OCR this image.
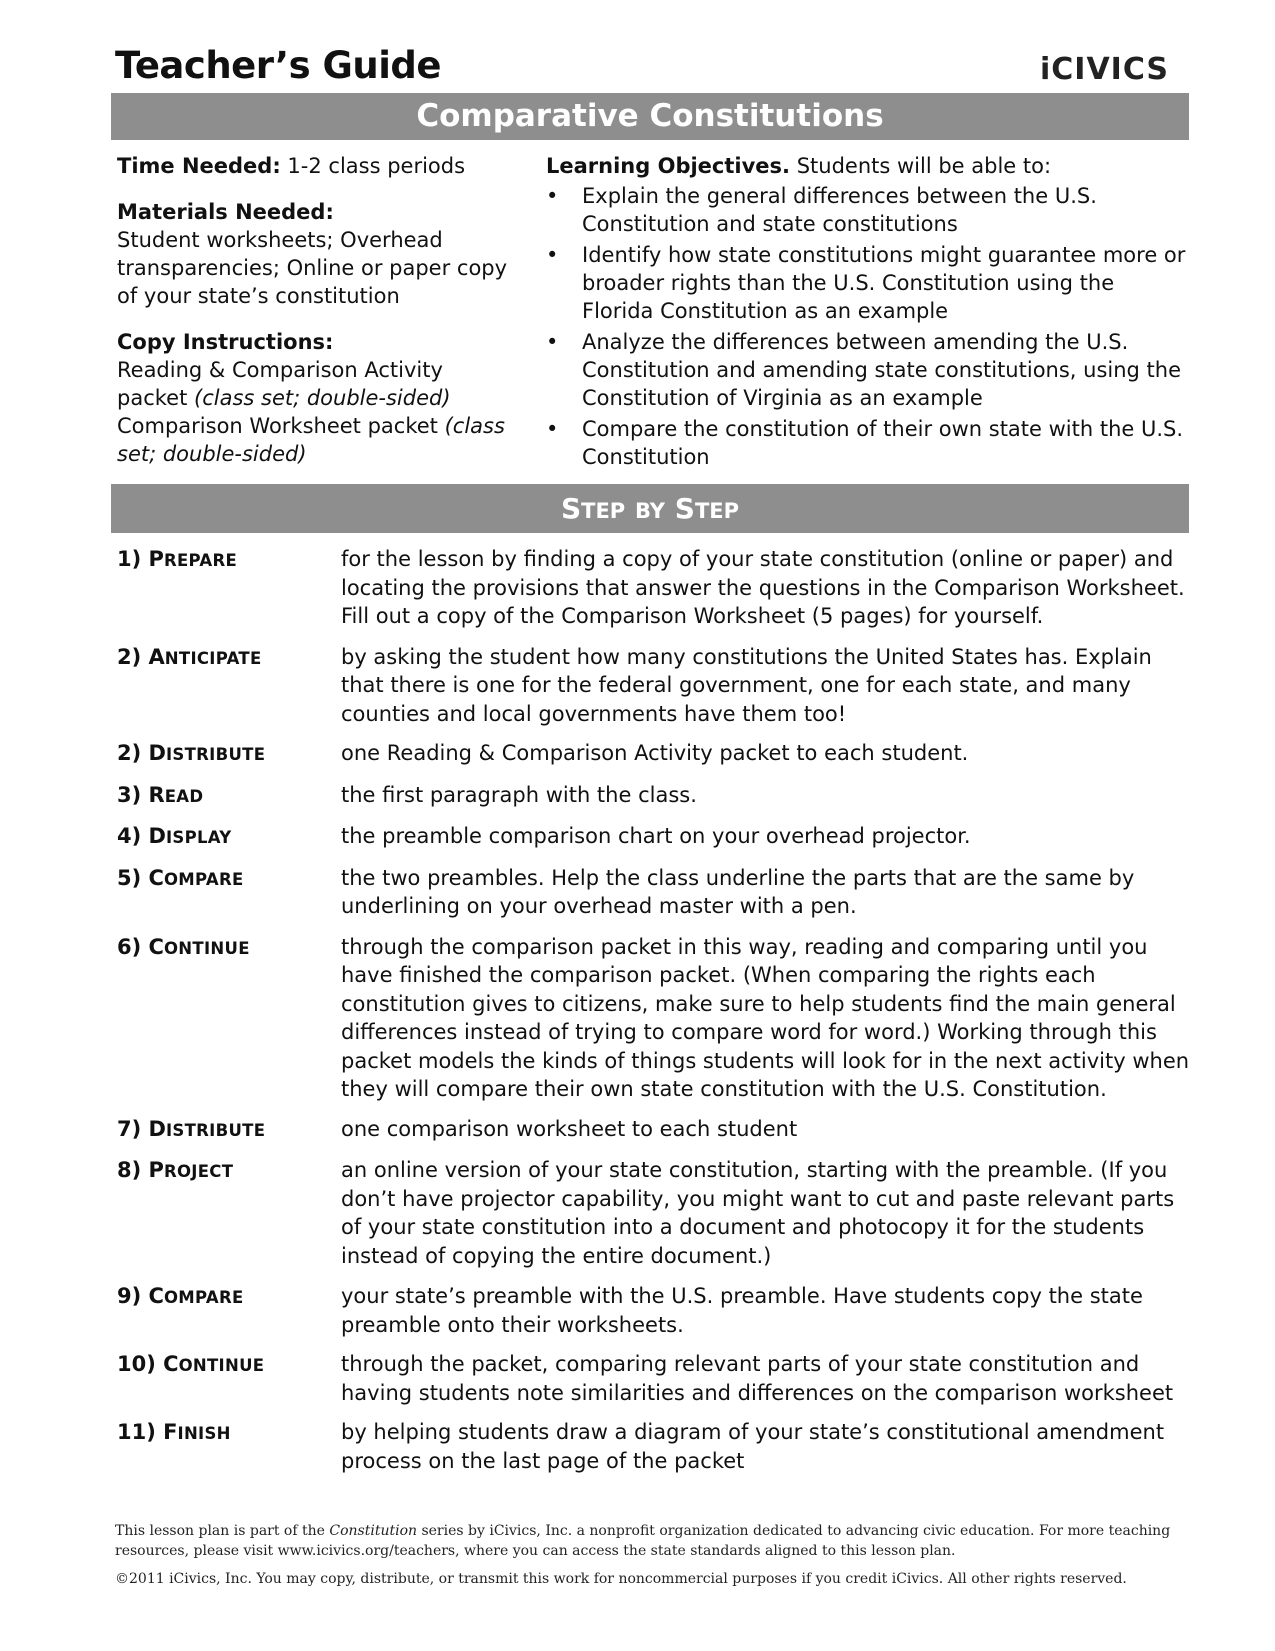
Teacher’s Guide	iCIVICS
Comparative Constitutions

Time Needed: 1-2 class periods

Materials Needed:

Student worksheets; Overhead transparencies; Online or paper copy of your state’s constitution

Copy Instructions:

Reading & Comparison Activity packet (class set; double-sided)

Comparison Worksheet packet (class set; double-sided)

Learning Objectives. Students will be able to:

• Explain the general differences between the U.S. Constitution and state constitutions
• Identify how state constitutions might guarantee more or broader rights than the U.S. Constitution using the Florida Constitution as an example
• Analyze the differences between amending the U.S. Constitution and amending state constitutions, using the Constitution of Virginia as an example
• Compare the constitution of their own state with the U.S. Constitution
STEP BY STEP
1) PREPARE	for the lesson by finding a copy of your state constitution (online or paper) and locating the provisions that answer the questions in the Comparison Worksheet. Fill out a copy of the Comparison Worksheet (5 pages) for yourself.
2) ANTICIPATE	by asking the student how many constitutions the United States has. Explain that there is one for the federal government, one for each state, and many counties and local governments have them too!
2) DISTRIBUTE	one Reading & Comparison Activity packet to each student.
3) READ	the first paragraph with the class.
4) DISPLAY	the preamble comparison chart on your overhead projector.
5) COMPARE	the two preambles. Help the class underline the parts that are the same by underlining on your overhead master with a pen.
6) CONTINUE	through the comparison packet in this way, reading and comparing until you have finished the comparison packet. (When comparing the rights each constitution gives to citizens, make sure to help students find the main general differences instead of trying to compare word for word.) Working through this packet models the kinds of things students will look for in the next activity when they will compare their own state constitution with the U.S. Constitution.
7) DISTRIBUTE	one comparison worksheet to each student
8) PROJECT	an online version of your state constitution, starting with the preamble. (If you don’t have projector capability, you might want to cut and paste relevant parts of your state constitution into a document and photocopy it for the students instead of copying the entire document.)
9) COMPARE	your state’s preamble with the U.S. preamble. Have students copy the state preamble onto their worksheets.
10) CONTINUE	through the packet, comparing relevant parts of your state constitution and having students note similarities and differences on the comparison worksheet
11) FINISH	by helping students draw a diagram of your state’s constitutional amendment process on the last page of the packet

This lesson plan is part of the Constitution series by iCivics, Inc. a nonprofit organization dedicated to advancing civic education. For more teaching resources, please visit www.icivics.org/teachers, where you can access the state standards aligned to this lesson plan.

©2011 iCivics, Inc. You may copy, distribute, or transmit this work for noncommercial purposes if you credit iCivics. All other rights reserved.
